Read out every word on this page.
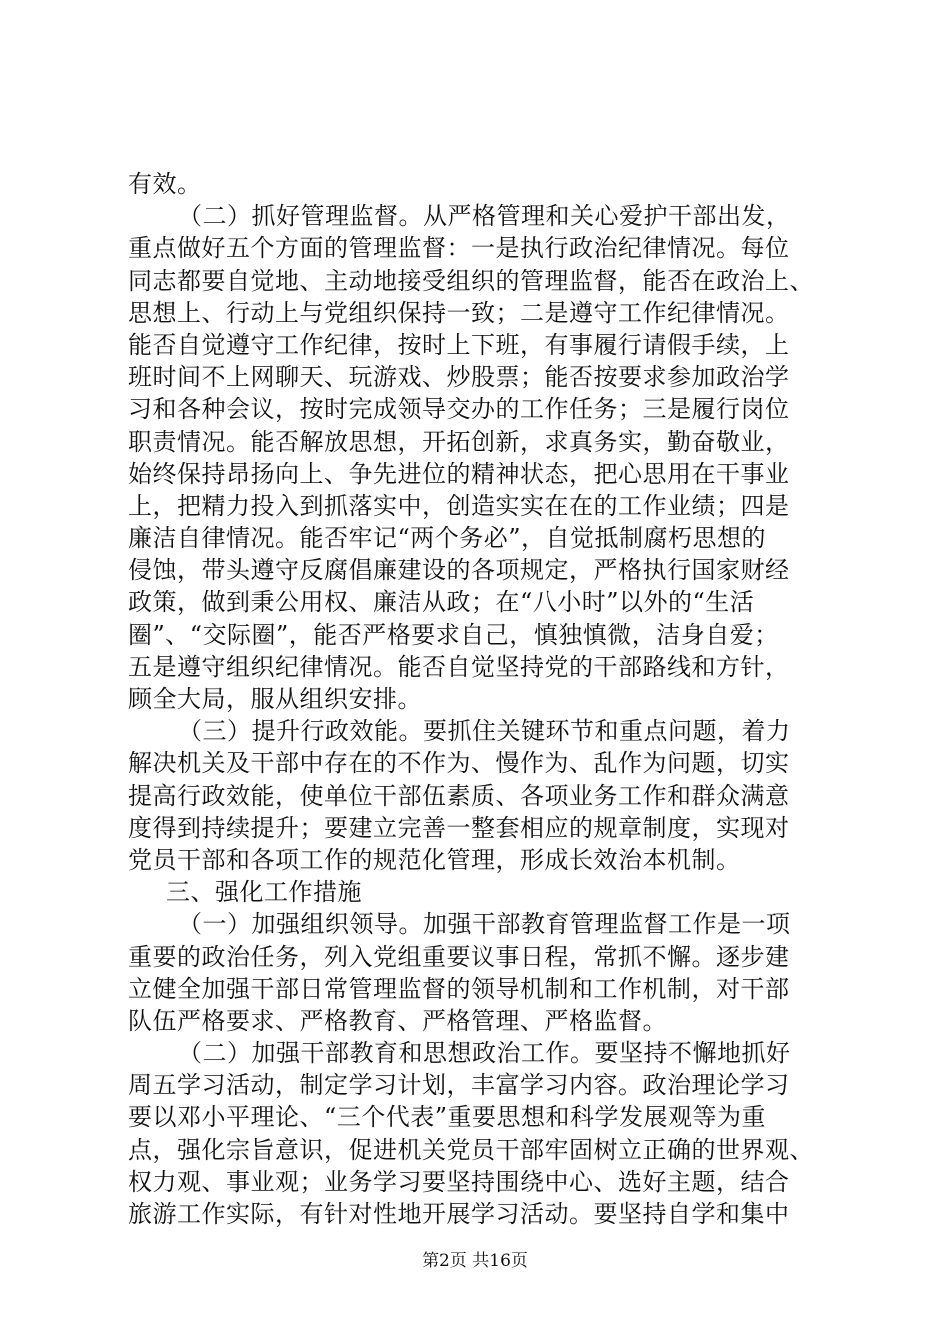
有效。
（二）抓好管理监督。从严格管理和关心爱护干部出发，
重点做好五个方面的管理监督：一是执行政治纪律情况。每位
同志都要自觉地、主动地接受组织的管理监督，能否在政治上、
思想上、行动上与党组织保持一致；二是遵守工作纪律情况。
能否自觉遵守工作纪律，按时上下班，有事履行请假手续，上
班时间不上网聊天、玩游戏、炒股票；能否按要求参加政治学
习和各种会议，按时完成领导交办的工作任务；三是履行岗位
职责情况。能否解放思想，开拓创新，求真务实，勤奋敬业，
始终保持昂扬向上、争先进位的精神状态，把心思用在干事业
上，把精力投入到抓落实中，创造实实在在的工作业绩；四是
廉洁自律情况。能否牢记“两个务必”，自觉抵制腐朽思想的
侵蚀，带头遵守反腐倡廉建设的各项规定，严格执行国家财经
政策，做到秉公用权、廉洁从政；在“八小时”以外的“生活
圈”、“交际圈”，能否严格要求自己，慎独慎微，洁身自爱；
五是遵守组织纪律情况。能否自觉坚持党的干部路线和方针，
顾全大局，服从组织安排。
（三）提升行政效能。要抓住关键环节和重点问题，着力
解决机关及干部中存在的不作为、慢作为、乱作为问题，切实
提高行政效能，使单位干部伍素质、各项业务工作和群众满意
度得到持续提升；要建立完善一整套相应的规章制度，实现对
党员干部和各项工作的规范化管理，形成长效治本机制。
三、强化工作措施
（一）加强组织领导。加强干部教育管理监督工作是一项
重要的政治任务，列入党组重要议事日程，常抓不懈。逐步建
立健全加强干部日常管理监督的领导机制和工作机制，对干部
队伍严格要求、严格教育、严格管理、严格监督。
（二）加强干部教育和思想政治工作。要坚持不懈地抓好
周五学习活动，制定学习计划，丰富学习内容。政治理论学习
要以邓小平理论、“三个代表”重要思想和科学发展观等为重
点，强化宗旨意识，促进机关党员干部牢固树立正确的世界观、
权力观、事业观；业务学习要坚持围绕中心、选好主题，结合
旅游工作实际，有针对性地开展学习活动。要坚持自学和集中
第2页 共16页
